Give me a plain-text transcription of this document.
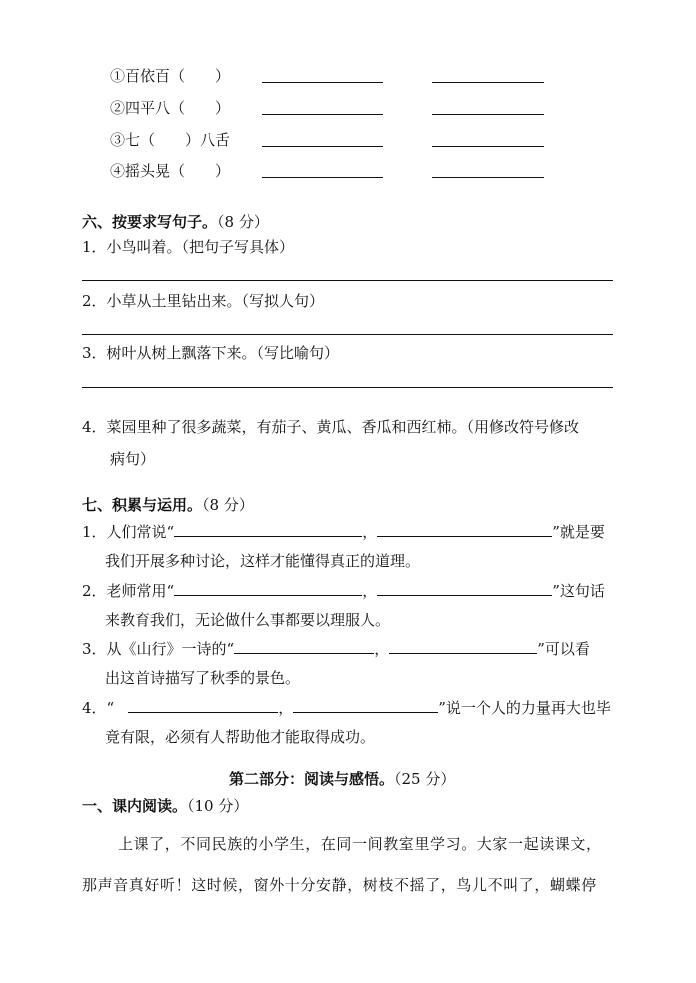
①百依百（　　）
②四平八（　　）
③七（　　）八舌
④摇头晃（　　）
六、按要求写句子。（8 分）
1．小鸟叫着。（把句子写具体）
2．小草从土里钻出来。（写拟人句）
3．树叶从树上飘落下来。（写比喻句）
4．菜园里种了很多蔬菜，有茄子、黄瓜、香瓜和西红柿。（用修改符号修改
病句）
七、积累与运用。（8 分）
1．人们常说“	，	”就是要
我们开展多种讨论，这样才能懂得真正的道理。
2．老师常用“	，	”这句话
来教育我们，无论做什么事都要以理服人。
3．从《山行》一诗的“	，	”可以看
出这首诗描写了秋季的景色。
4．“	，	”说一个人的力量再大也毕
竟有限，必须有人帮助他才能取得成功。
第二部分：阅读与感悟。（25 分）
一、课内阅读。（10 分）
上课了，不同民族的小学生，在同一间教室里学习。大家一起读课文，
那声音真好听！这时候，窗外十分安静，树枝不摇了，鸟儿不叫了，蝴蝶停
